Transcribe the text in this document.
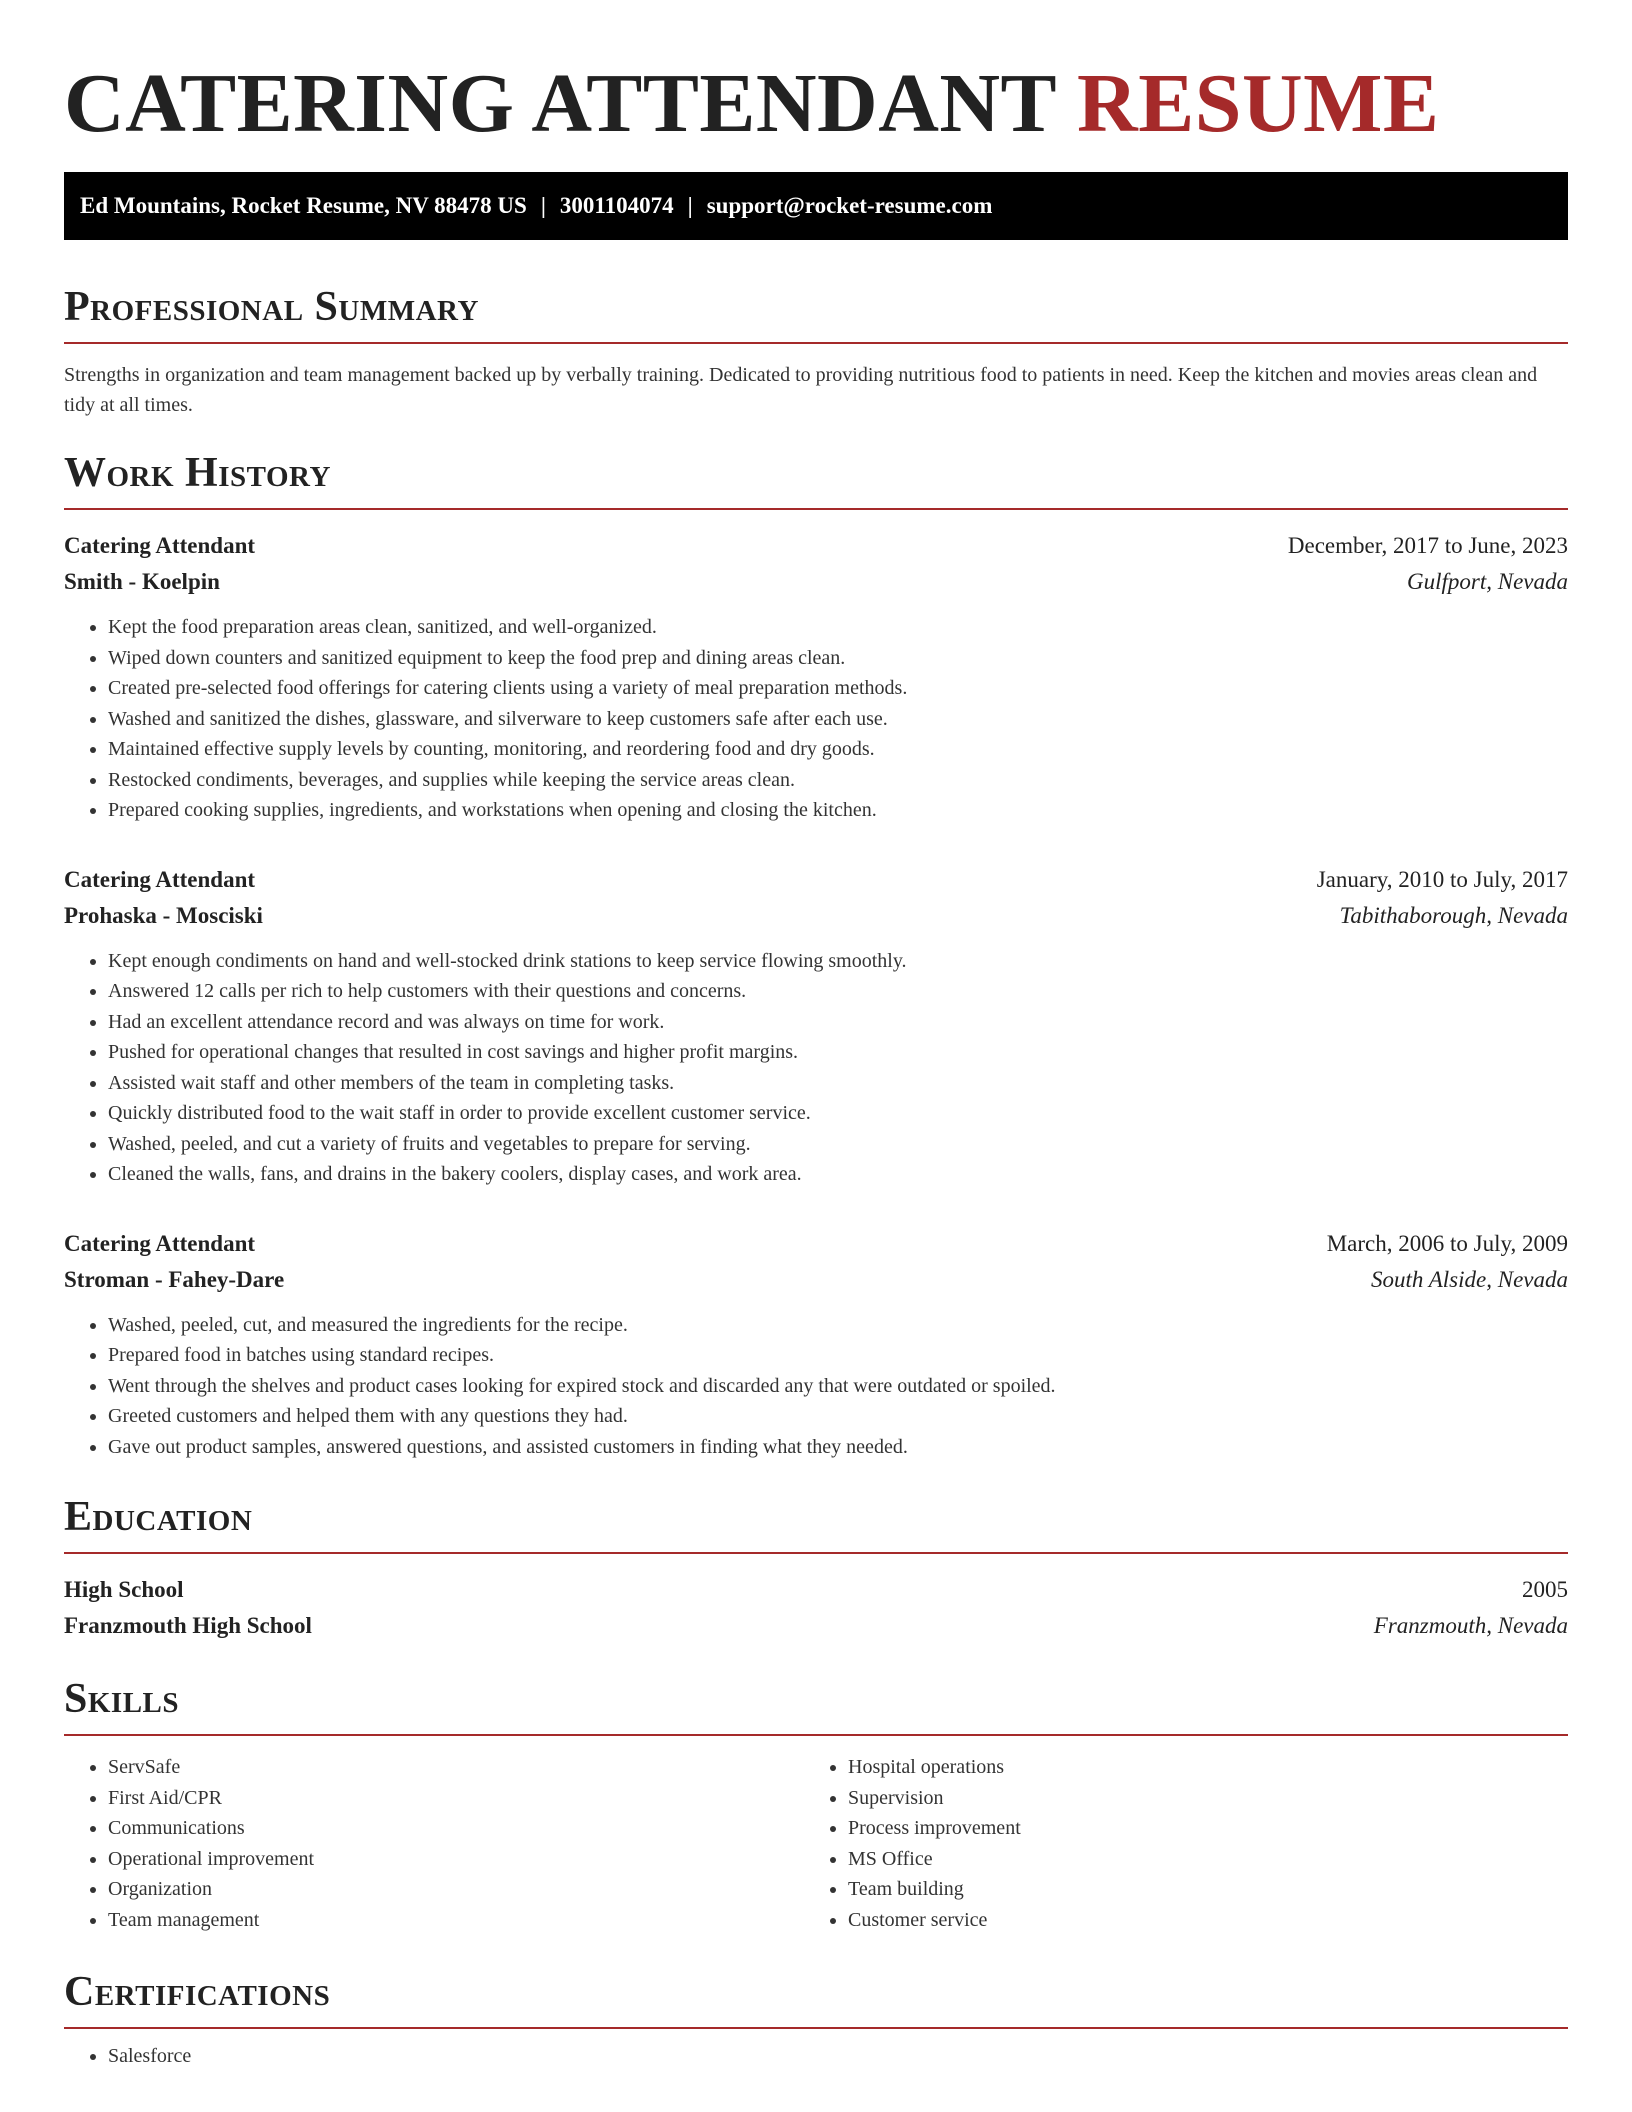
CATERING ATTENDANT RESUME
Ed Mountains, Rocket Resume, NV 88478 US | 3001104074 | support@rocket-resume.com
Professional Summary

Strengths in organization and team management backed up by verbally training. Dedicated to providing nutritious food to patients in need. Keep the kitchen and movies areas clean and tidy at all times.

Work History
Catering Attendant	December, 2017 to June, 2023
Smith - Koelpin	Gulfport, Nevada
• Kept the food preparation areas clean, sanitized, and well-organized.
• Wiped down counters and sanitized equipment to keep the food prep and dining areas clean.
• Created pre-selected food offerings for catering clients using a variety of meal preparation methods.
• Washed and sanitized the dishes, glassware, and silverware to keep customers safe after each use.
• Maintained effective supply levels by counting, monitoring, and reordering food and dry goods.
• Restocked condiments, beverages, and supplies while keeping the service areas clean.
• Prepared cooking supplies, ingredients, and workstations when opening and closing the kitchen.
Catering Attendant	January, 2010 to July, 2017
Prohaska - Mosciski	Tabithaborough, Nevada
• Kept enough condiments on hand and well-stocked drink stations to keep service flowing smoothly.
• Answered 12 calls per rich to help customers with their questions and concerns.
• Had an excellent attendance record and was always on time for work.
• Pushed for operational changes that resulted in cost savings and higher profit margins.
• Assisted wait staff and other members of the team in completing tasks.
• Quickly distributed food to the wait staff in order to provide excellent customer service.
• Washed, peeled, and cut a variety of fruits and vegetables to prepare for serving.
• Cleaned the walls, fans, and drains in the bakery coolers, display cases, and work area.
Catering Attendant	March, 2006 to July, 2009
Stroman - Fahey-Dare	South Alside, Nevada
• Washed, peeled, cut, and measured the ingredients for the recipe.
• Prepared food in batches using standard recipes.
• Went through the shelves and product cases looking for expired stock and discarded any that were outdated or spoiled.
• Greeted customers and helped them with any questions they had.
• Gave out product samples, answered questions, and assisted customers in finding what they needed.
Education
High School	2005
Franzmouth High School	Franzmouth, Nevada
Skills
• ServSafe
• First Aid/CPR
• Communications
• Operational improvement
• Organization
• Team management
• Hospital operations
• Supervision
• Process improvement
• MS Office
• Team building
• Customer service
Certifications
• Salesforce
